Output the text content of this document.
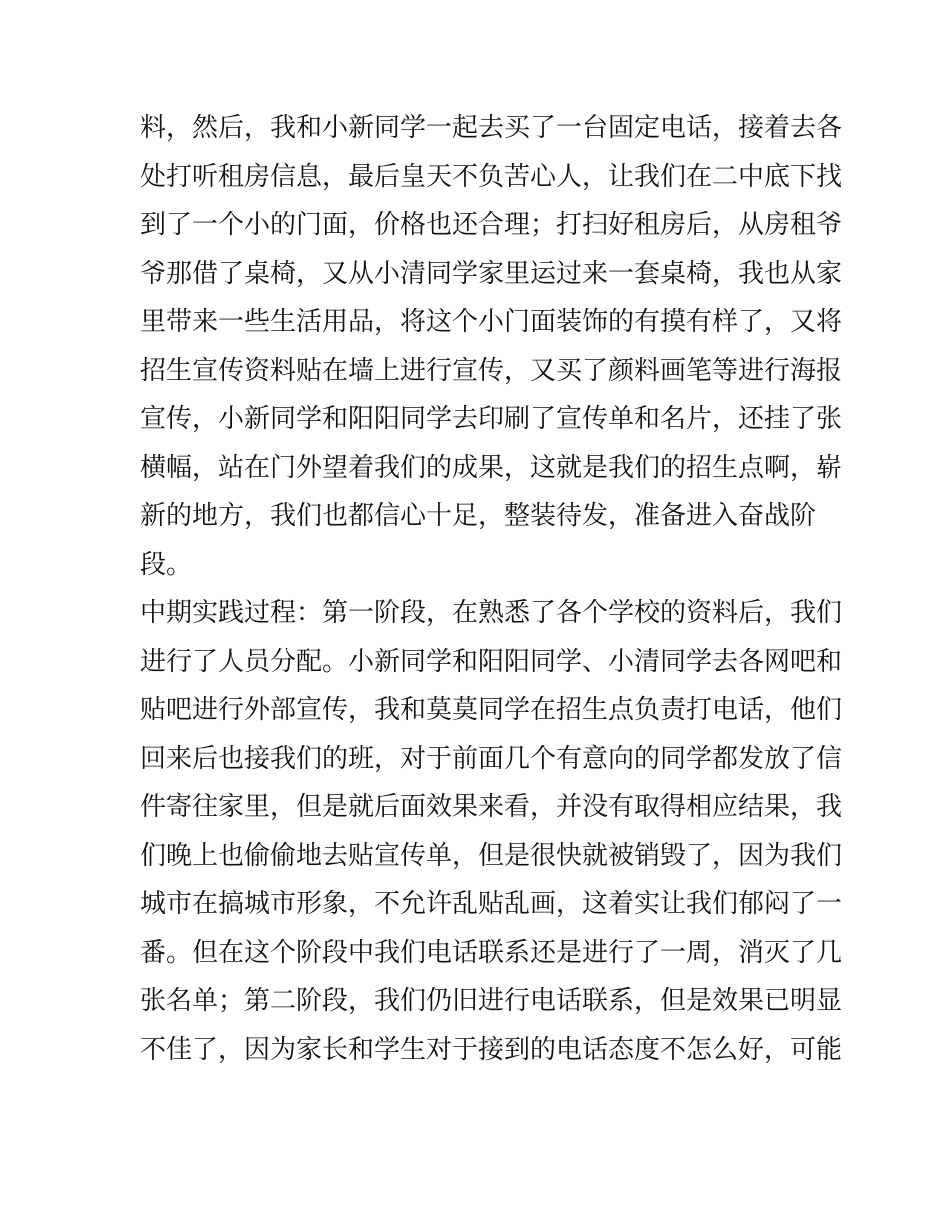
料，然后，我和小新同学一起去买了一台固定电话，接着去各
处打听租房信息，最后皇天不负苦心人，让我们在二中底下找
到了一个小的门面，价格也还合理；打扫好租房后，从房租爷
爷那借了桌椅，又从小清同学家里运过来一套桌椅，我也从家
里带来一些生活用品，将这个小门面装饰的有摸有样了，又将
招生宣传资料贴在墙上进行宣传，又买了颜料画笔等进行海报
宣传，小新同学和阳阳同学去印刷了宣传单和名片，还挂了张
横幅，站在门外望着我们的成果，这就是我们的招生点啊，崭
新的地方，我们也都信心十足，整装待发，准备进入奋战阶
段。
中期实践过程：第一阶段，在熟悉了各个学校的资料后，我们
进行了人员分配。小新同学和阳阳同学、小清同学去各网吧和
贴吧进行外部宣传，我和莫莫同学在招生点负责打电话，他们
回来后也接我们的班，对于前面几个有意向的同学都发放了信
件寄往家里，但是就后面效果来看，并没有取得相应结果，我
们晚上也偷偷地去贴宣传单，但是很快就被销毁了，因为我们
城市在搞城市形象，不允许乱贴乱画，这着实让我们郁闷了一
番。但在这个阶段中我们电话联系还是进行了一周，消灭了几
张名单；第二阶段，我们仍旧进行电话联系，但是效果已明显
不佳了，因为家长和学生对于接到的电话态度不怎么好，可能
